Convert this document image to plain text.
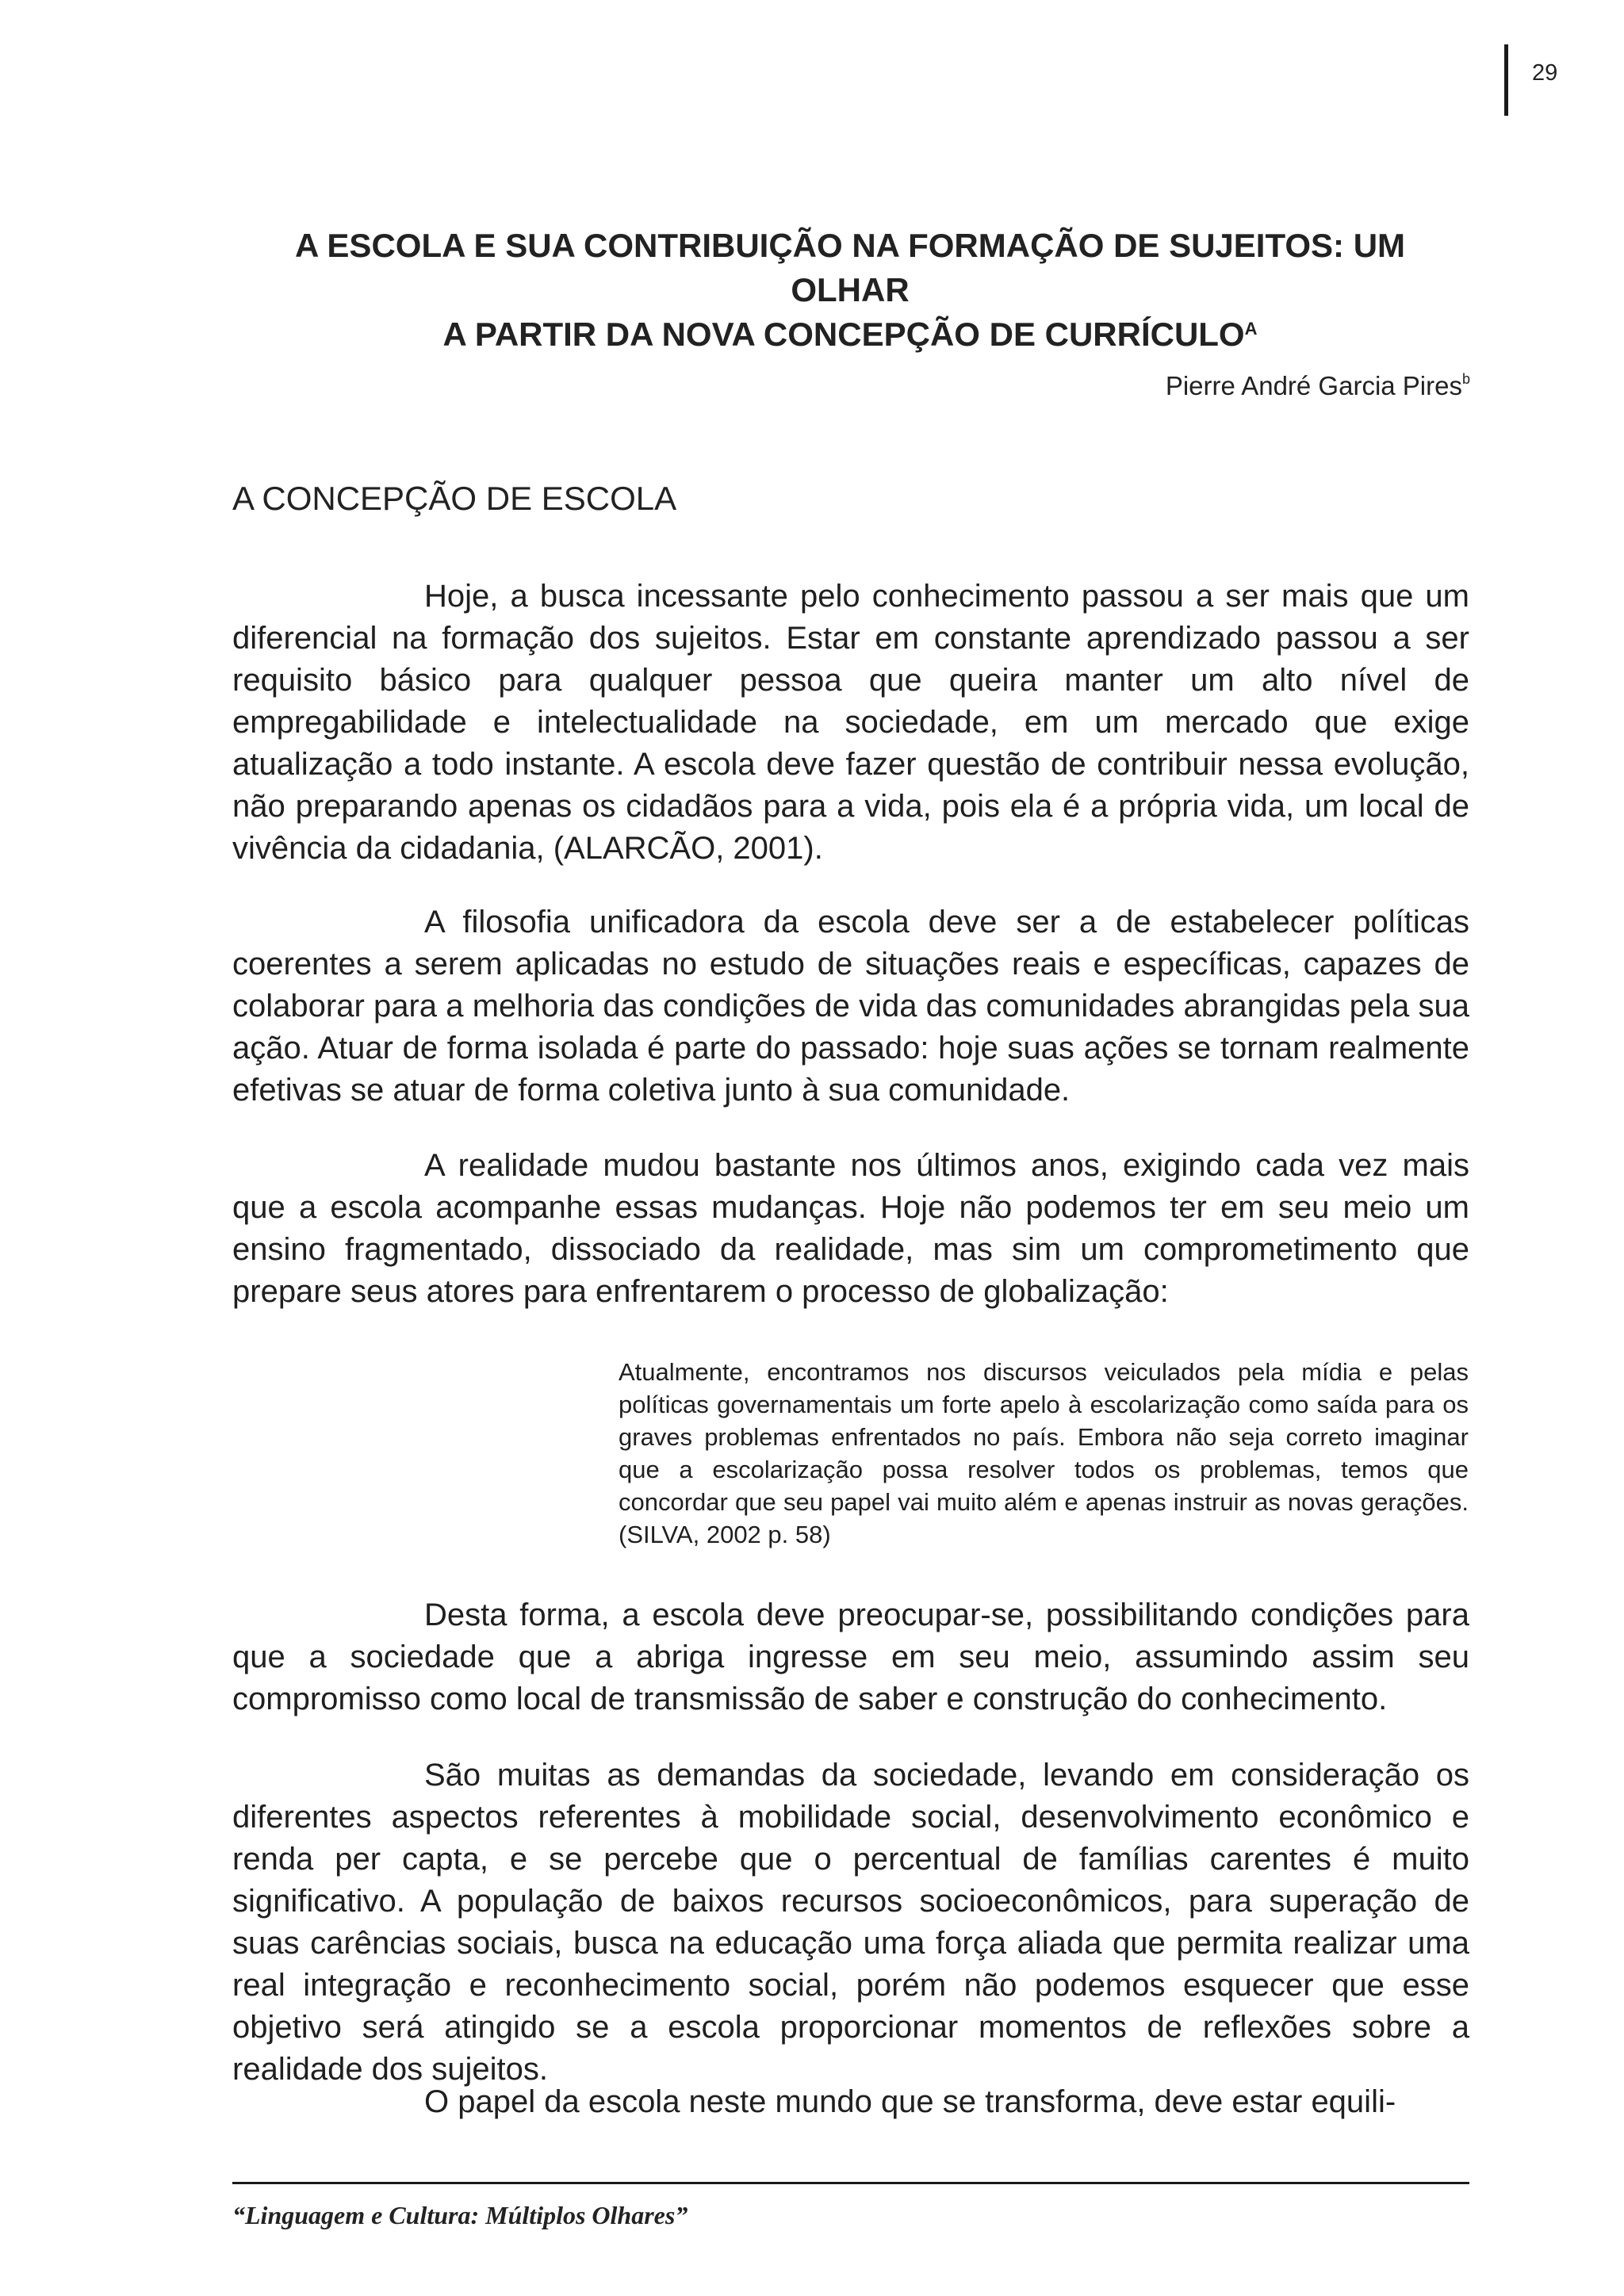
29
A ESCOLA E SUA CONTRIBUIÇÃO NA FORMAÇÃO DE SUJEITOS: UM OLHAR
A PARTIR DA NOVA CONCEPÇÃO DE $CURRÍCULO^A$
Pierre André Garcia Pires$^b$
A CONCEPÇÃO DE ESCOLA

Hoje, a busca incessante pelo conhecimento passou a ser mais que um diferencial na formação dos sujeitos. Estar em constante aprendizado passou a ser requisito básico para qualquer pessoa que queira manter um alto nível de empregabilidade e intelectualidade na sociedade, em um mercado que exige atualização a todo instante. A escola deve fazer questão de contribuir nessa evolução, não preparando apenas os cidadãos para a vida, pois ela é a própria vida, um local de vivência da cidadania, (ALARCÃO, 2001).

A filosofia unificadora da escola deve ser a de estabelecer políticas coerentes a serem aplicadas no estudo de situações reais e específicas, capazes de colaborar para a melhoria das condições de vida das comunidades abrangidas pela sua ação. Atuar de forma isolada é parte do passado: hoje suas ações se tornam realmente efetivas se atuar de forma coletiva junto à sua comunidade.

A realidade mudou bastante nos últimos anos, exigindo cada vez mais que a escola acompanhe essas mudanças. Hoje não podemos ter em seu meio um ensino fragmentado, dissociado da realidade, mas sim um comprometimento que prepare seus atores para enfrentarem o processo de globalização:

Atualmente, encontramos nos discursos veiculados pela mídia e pelas políticas governamentais um forte apelo à escolarização como saída para os graves problemas enfrentados no país. Embora não seja correto imaginar que a escolarização possa resolver todos os problemas, temos que concordar que seu papel vai muito além e apenas instruir as novas gerações. (SILVA, 2002 p. 58)

Desta forma, a escola deve preocupar-se, possibilitando condições para que a sociedade que a abriga ingresse em seu meio, assumindo assim seu compromisso como local de transmissão de saber e construção do conhecimento.

São muitas as demandas da sociedade, levando em consideração os diferentes aspectos referentes à mobilidade social, desenvolvimento econômico e renda per capta, e se percebe que o percentual de famílias carentes é muito significativo. A população de baixos recursos socioeconômicos, para superação de suas carências sociais, busca na educação uma força aliada que permita realizar uma real integração e reconhecimento social, porém não podemos esquecer que esse objetivo será atingido se a escola proporcionar momentos de reflexões sobre a realidade dos sujeitos.

O papel da escola neste mundo que se transforma, deve estar equili-

“Linguagem e Cultura: Múltiplos Olhares”
